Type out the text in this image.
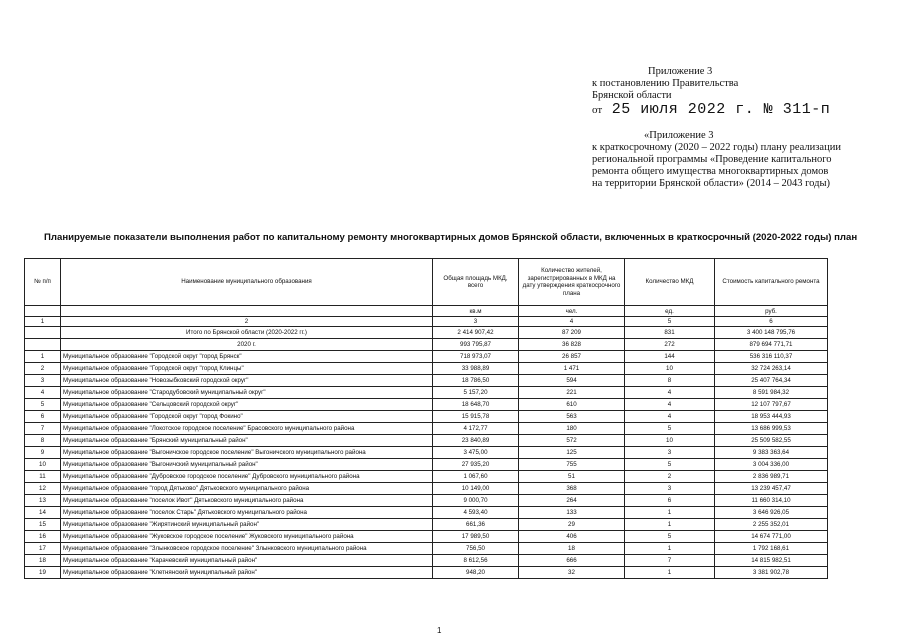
Приложение 3
к постановлению Правительства
Брянской области
от 25 июля 2022 г. № 311-п
«Приложение 3
к краткосрочному (2020 – 2022 годы) плану реализации
региональной программы «Проведение капитального
ремонта общего имущества многоквартирных домов
на территории Брянской области» (2014 – 2043 годы)
Планируемые показатели выполнения работ по капитальному ремонту многоквартирных домов Брянской области, включенных в краткосрочный (2020-2022 годы) план
№ п/п	Наименование муниципального образования	Общая площадь МКД, всего	Количество жителей, зарегистрированных в МКД на дату утверждения краткосрочного плана	Количество МКД	Стоимость капитального ремонта
		кв.м	чел.	ед.	руб.
1	2	3	4	5	6
	Итого по Брянской области (2020-2022 гг.)	2 414 907,42	87 209	831	3 400 148 795,76
	2020 г.	993 795,87	36 828	272	879 694 771,71
1	Муниципальное образование "Городской округ "город Брянск"	718 973,07	26 857	144	536 316 110,37
2	Муниципальное образование "Городской округ "город Клинцы"	33 988,89	1 471	10	32 724 263,14
3	Муниципальное образование "Новозыбковский городской округ"	18 786,50	594	8	25 407 764,34
4	Муниципальное образование "Стародубовский муниципальный округ"	5 157,20	221	4	8 591 984,32
5	Муниципальное образование "Сельцовский городской округ"	18 648,70	610	4	12 107 797,67
6	Муниципальное образование "Городской округ "город Фокино"	15 915,78	563	4	18 953 444,93
7	Муниципальное образование "Локотское городское поселение" Брасовского муниципального района	4 172,77	180	5	13 686 999,53
8	Муниципальное образование "Брянский муниципальный район"	23 840,89	572	10	25 509 582,55
9	Муниципальное образование "Выгоничское городское поселение" Выгоничского муниципального района	3 475,00	125	3	9 383 363,64
10	Муниципальное образование "Выгоничский муниципальный район"	27 935,20	755	5	3 004 336,00
11	Муниципальное образование "Дубровское городское поселение" Дубровского муниципального района	1 067,60	51	2	2 836 989,71
12	Муниципальное образование "город Дятьково" Дятьковского муниципального района	10 149,00	368	3	13 239 457,47
13	Муниципальное образование "поселок Ивот" Дятьковского муниципального района	9 000,70	264	6	11 660 314,10
14	Муниципальное образование "поселок Старь" Дятьковского муниципального района	4 593,40	133	1	3 646 926,05
15	Муниципальное образование "Жирятинский муниципальный район"	661,36	29	1	2 255 352,01
16	Муниципальное образование "Жуковское городское поселение" Жуковского муниципального района	17 989,50	406	5	14 674 771,00
17	Муниципальное образование "Злынковское городское поселение" Злынковского муниципального района	756,50	18	1	1 792 168,61
18	Муниципальное образование "Карачевский муниципальный район"	8 612,56	666	7	14 815 982,51
19	Муниципальное образование "Клетнянский муниципальный район"	948,20	32	1	3 381 902,78
1
